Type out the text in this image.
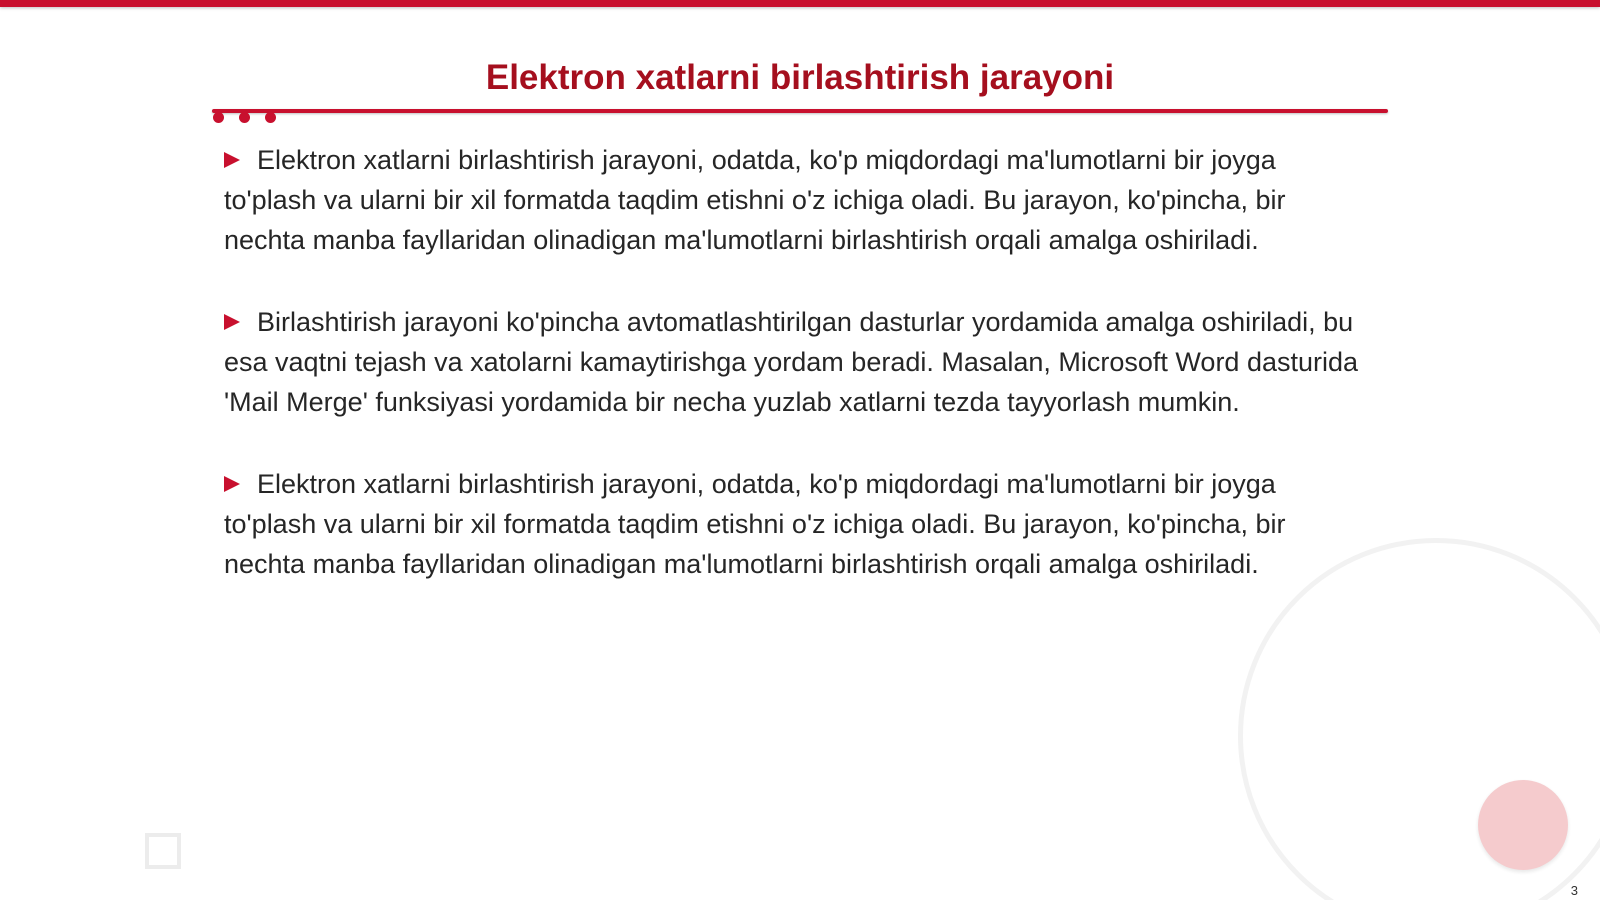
Elektron xatlarni birlashtirish jarayoni

Elektron xatlarni birlashtirish jarayoni, odatda, ko'p miqdordagi ma'lumotlarni bir joyga to'plash va ularni bir xil formatda taqdim etishni o'z ichiga oladi. Bu jarayon, ko'pincha, bir nechta manba fayllaridan olinadigan ma'lumotlarni birlashtirish orqali amalga oshiriladi.

Birlashtirish jarayoni ko'pincha avtomatlashtirilgan dasturlar yordamida amalga oshiriladi, bu esa vaqtni tejash va xatolarni kamaytirishga yordam beradi. Masalan, Microsoft Word dasturida 'Mail Merge' funksiyasi yordamida bir necha yuzlab xatlarni tezda tayyorlash mumkin.

Elektron xatlarni birlashtirish jarayoni, odatda, ko'p miqdordagi ma'lumotlarni bir joyga to'plash va ularni bir xil formatda taqdim etishni o'z ichiga oladi. Bu jarayon, ko'pincha, bir nechta manba fayllaridan olinadigan ma'lumotlarni birlashtirish orqali amalga oshiriladi.

3
